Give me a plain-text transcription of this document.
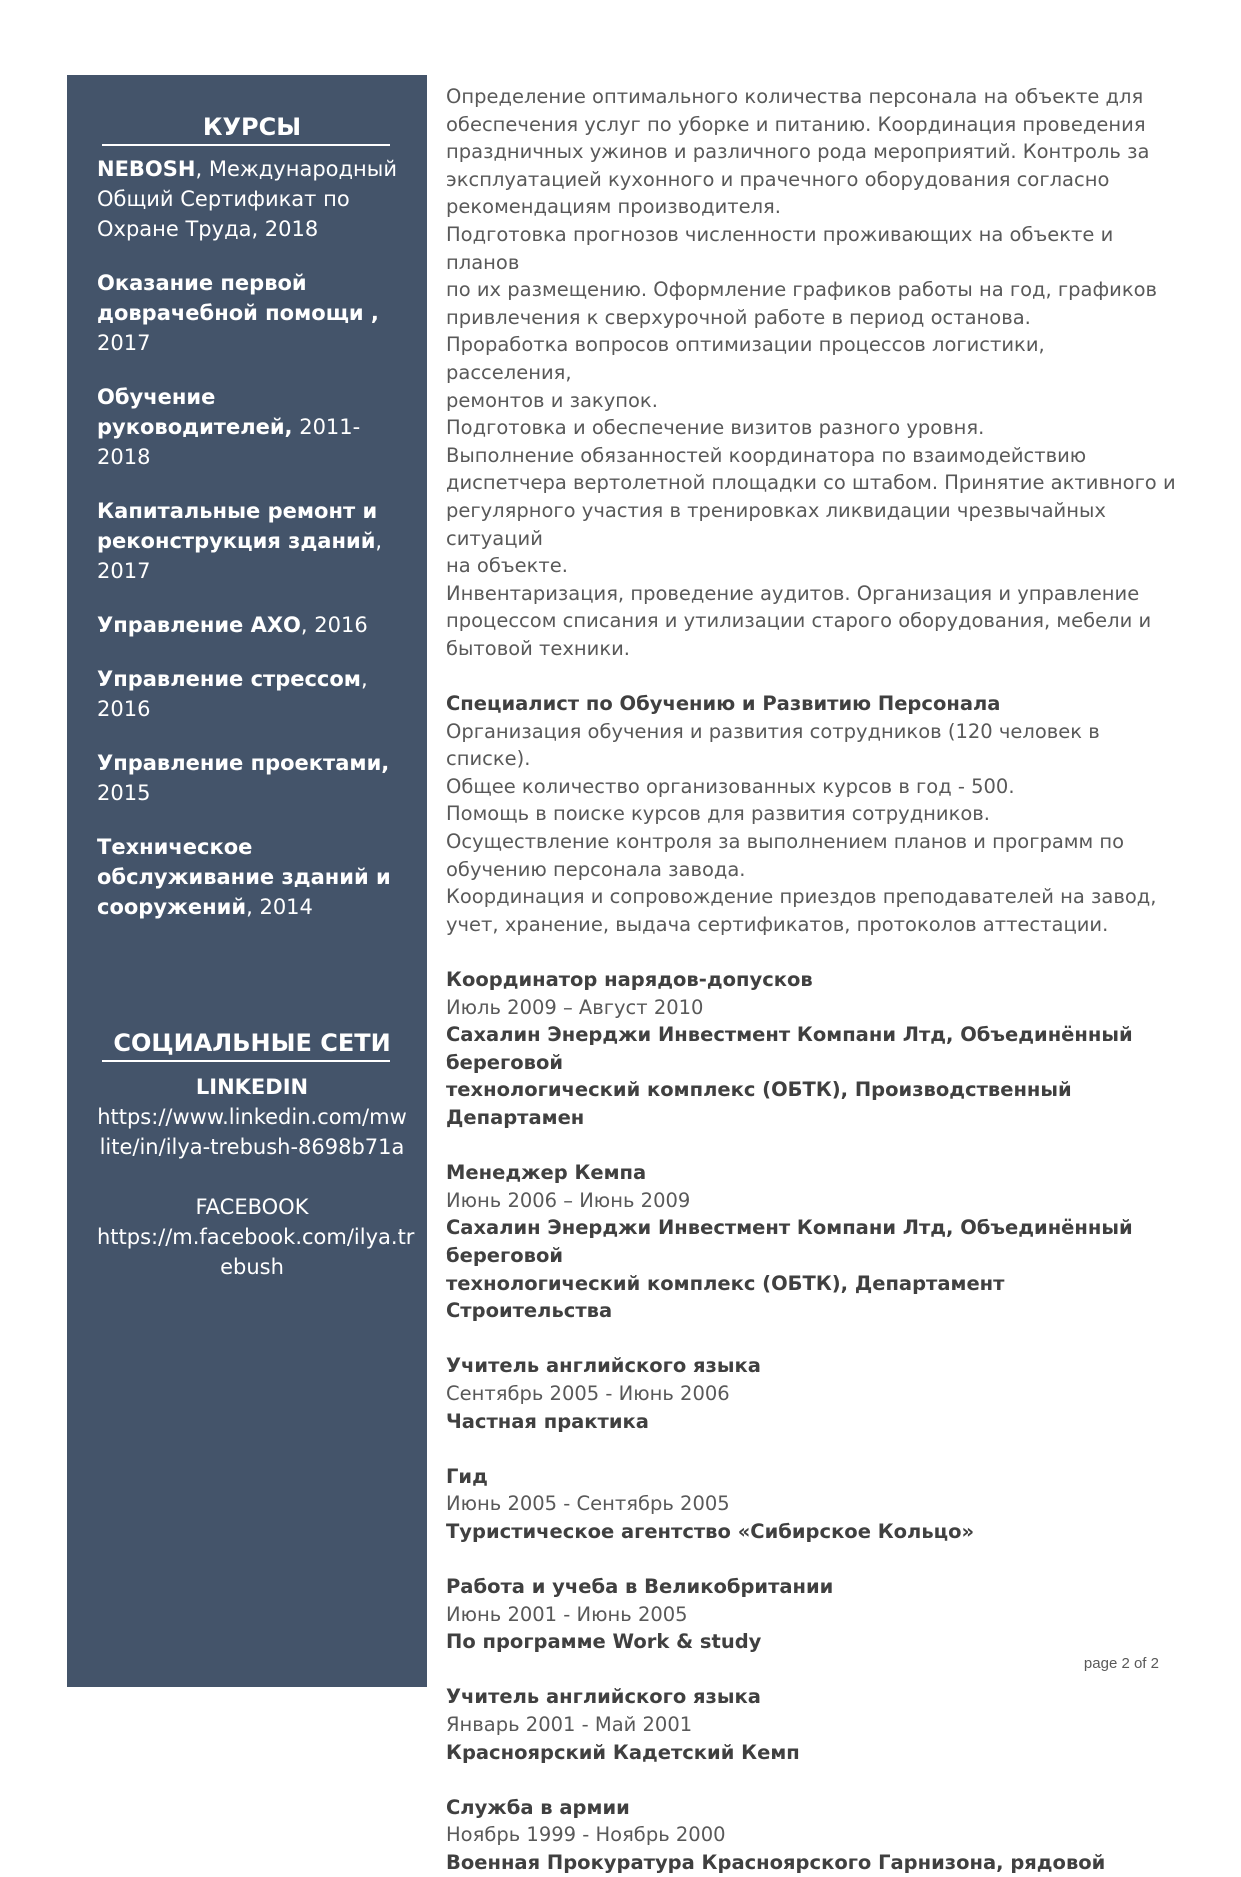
КУРСЫ
NEBOSH, Международный Общий Сертификат по Охране Труда, 2018
Оказание первой доврачебной помощи , 2017
Обучение руководителей, 2011-2018
Капитальные ремонт и реконструкция зданий, 2017
Управление АХО, 2016
Управление стрессом, 2016
Управление проектами, 2015
Техническое обслуживание зданий и сооружений, 2014
СОЦИАЛЬНЫЕ СЕТИ
LINKEDIN
https://www.linkedin.com/mw
lite/in/ilya-trebush-8698b71a
FACEBOOK
https://m.facebook.com/ilya.tr
ebush

Определение оптимального количества персонала на объекте для

обеспечения услуг по уборке и питанию. Координация проведения

праздничных ужинов и различного рода мероприятий. Контроль за

эксплуатацией кухонного и прачечного оборудования согласно

рекомендациям производителя.

Подготовка прогнозов численности проживающих на объекте и планов

по их размещению. Оформление графиков работы на год, графиков

привлечения к сверхурочной работе в период останова.

Проработка вопросов оптимизации процессов логистики, расселения,

ремонтов и закупок.

Подготовка и обеспечение визитов разного уровня.

Выполнение обязанностей координатора по взаимодействию

диспетчера вертолетной площадки со штабом. Принятие активного и

регулярного участия в тренировках ликвидации чрезвычайных ситуаций

на объекте.

Инвентаризация, проведение аудитов. Организация и управление

процессом списания и утилизации старого оборудования, мебели и

бытовой техники.

Специалист по Обучению и Развитию Персонала

Организация обучения и развития сотрудников (120 человек в списке).

Общее количество организованных курсов в год - 500.

Помощь в поиске курсов для развития сотрудников.

Осуществление контроля за выполнением планов и программ по

обучению персонала завода.

Координация и сопровождение приездов преподавателей на завод,

учет, хранение, выдача сертификатов, протоколов аттестации.

Координатор нарядов-допусков

Июль 2009 – Август 2010

Сахалин Энерджи Инвестмент Компани Лтд, Объединённый береговой

технологический комплекс (ОБТК), Производственный Департамен

Менеджер Кемпа

Июнь 2006 – Июнь 2009

Сахалин Энерджи Инвестмент Компани Лтд, Объединённый береговой

технологический комплекс (ОБТК), Департамент Строительства

Учитель английского языка

Сентябрь 2005 - Июнь 2006

Частная практика

Гид

Июнь 2005 - Сентябрь 2005

Туристическое агентство «Сибирское Кольцо»

Работа и учеба в Великобритании

Июнь 2001 - Июнь 2005

По программе Work & study

Учитель английского языка

Январь 2001 - Май 2001

Красноярский Кадетский Кемп

Служба в армии

Ноябрь 1999 - Ноябрь 2000

Военная Прокуратура Красноярского Гарнизона, рядовой

page 2 of 2
